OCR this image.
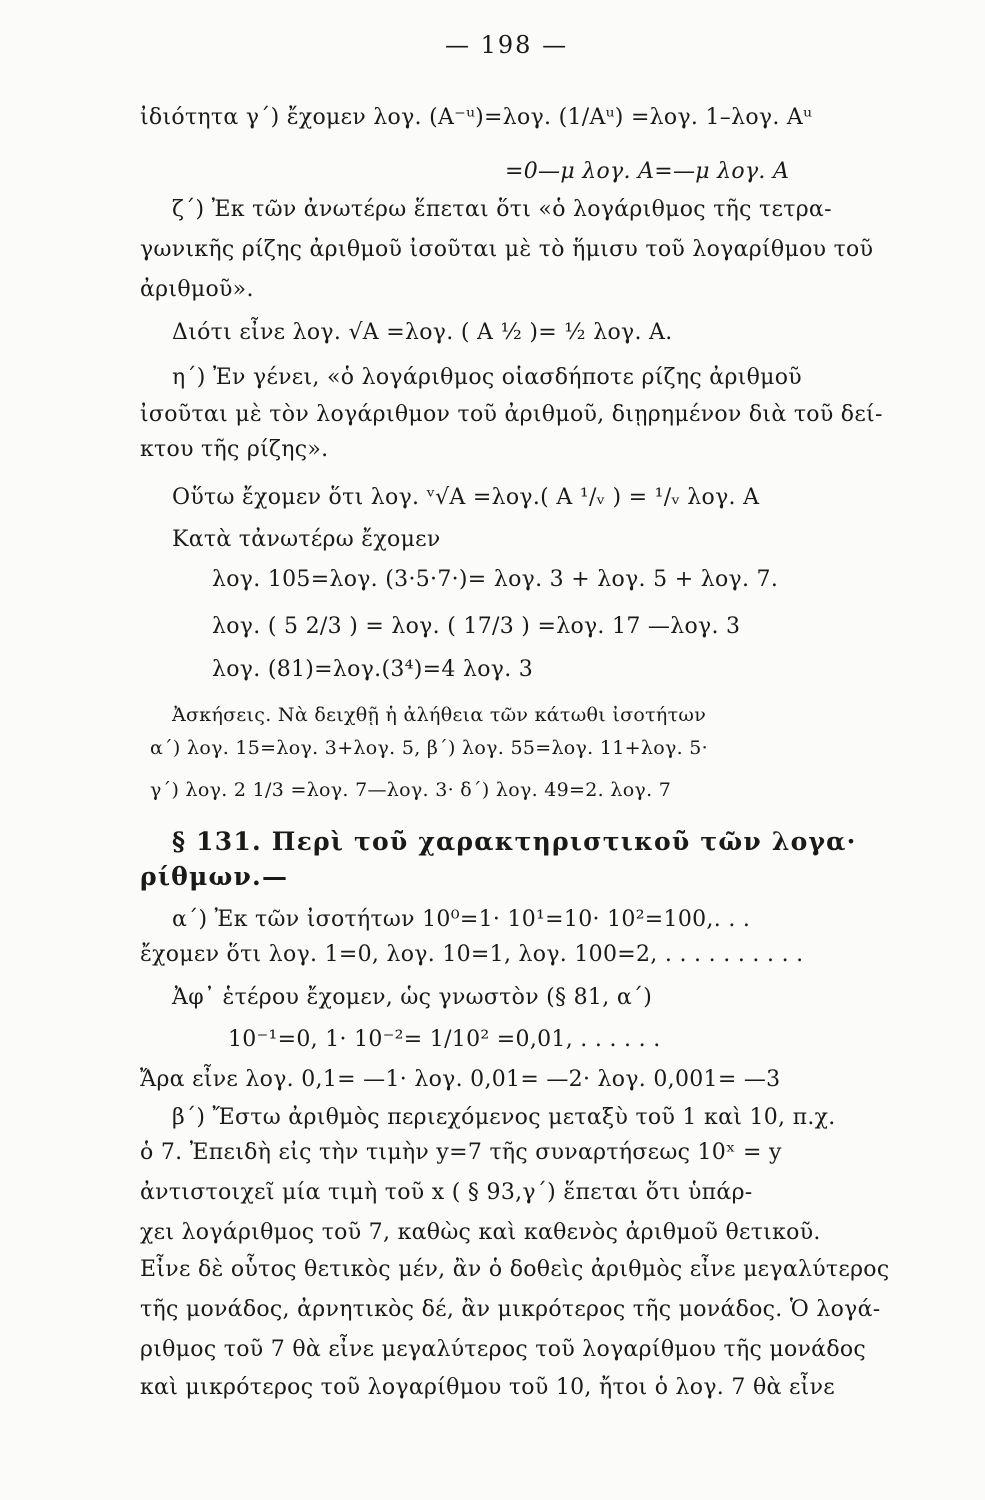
— 198 —
ἰδιότητα γ΄) ἔχομεν λογ. (A⁻ᵘ)=λογ. (1/Aᵘ) =λογ. 1–λογ. Aᵘ
=0—μ λογ. A=—μ λογ. A
ζ΄) Ἐκ τῶν ἀνωτέρω ἕπεται ὅτι «ὁ λογάριθμος τῆς τετρα-
γωνικῆς ρίζης ἀριθμοῦ ἰσοῦται μὲ τὸ ἥμισυ τοῦ λογαρίθμου τοῦ
ἀριθμοῦ».
Διότι εἶνε λογ. √A =λογ. ( A ½ )= ½ λογ. A.
η΄) Ἐν γένει, «ὁ λογάριθμος οἱασδήποτε ρίζης ἀριθμοῦ
ἰσοῦται μὲ τὸν λογάριθμον τοῦ ἀριθμοῦ, διῃρημένον διὰ τοῦ δεί-
κτου τῆς ρίζης».
Οὕτω ἔχομεν ὅτι λογ. ᵛ√A =λογ.( A ¹/ᵥ ) = ¹/ᵥ λογ. A
Κατὰ τἀνωτέρω ἔχομεν
λογ. 105=λογ. (3·5·7·)= λογ. 3 + λογ. 5 + λογ. 7.
λογ. ( 5 2/3 ) = λογ. ( 17/3 ) =λογ. 17 —λογ. 3
λογ. (81)=λογ.(3⁴)=4 λογ. 3
Ἀσκήσεις. Νὰ δειχθῇ ἡ ἀλήθεια τῶν κάτωθι ἰσοτήτων
α΄) λογ. 15=λογ. 3+λογ. 5, β΄) λογ. 55=λογ. 11+λογ. 5·
γ΄) λογ. 2 1/3 =λογ. 7—λογ. 3· δ΄) λογ. 49=2. λογ. 7
§ 131. Περὶ τοῦ χαρακτηριστικοῦ τῶν λογα·
ρίθμων.—
α΄) Ἐκ τῶν ἰσοτήτων 10⁰=1· 10¹=10· 10²=100,. . .
ἔχομεν ὅτι λογ. 1=0, λογ. 10=1, λογ. 100=2, . . . . . . . . . .
Ἀφ᾽ ἑτέρου ἔχομεν, ὡς γνωστὸν (§ 81, α΄)
10⁻¹=0, 1· 10⁻²= 1/10² =0,01, . . . . . .
Ἄρα εἶνε λογ. 0,1= —1· λογ. 0,01= —2· λογ. 0,001= —3
β΄) Ἔστω ἀριθμὸς περιεχόμενος μεταξὺ τοῦ 1 καὶ 10, π.χ.
ὁ 7. Ἐπειδὴ εἰς τὴν τιμὴν y=7 τῆς συναρτήσεως 10ˣ = y
ἀντιστοιχεῖ μία τιμὴ τοῦ x ( § 93,γ΄) ἕπεται ὅτι ὑπάρ-
χει λογάριθμος τοῦ 7, καθὼς καὶ καθενὸς ἀριθμοῦ θετικοῦ.
Εἶνε δὲ οὗτος θετικὸς μέν, ἂν ὁ δοθεὶς ἀριθμὸς εἶνε μεγαλύτερος
τῆς μονάδος, ἀρνητικὸς δέ, ἂν μικρότερος τῆς μονάδος. Ὁ λογά-
ριθμος τοῦ 7 θὰ εἶνε μεγαλύτερος τοῦ λογαρίθμου τῆς μονάδος
καὶ μικρότερος τοῦ λογαρίθμου τοῦ 10, ἤτοι ὁ λογ. 7 θὰ εἶνε
